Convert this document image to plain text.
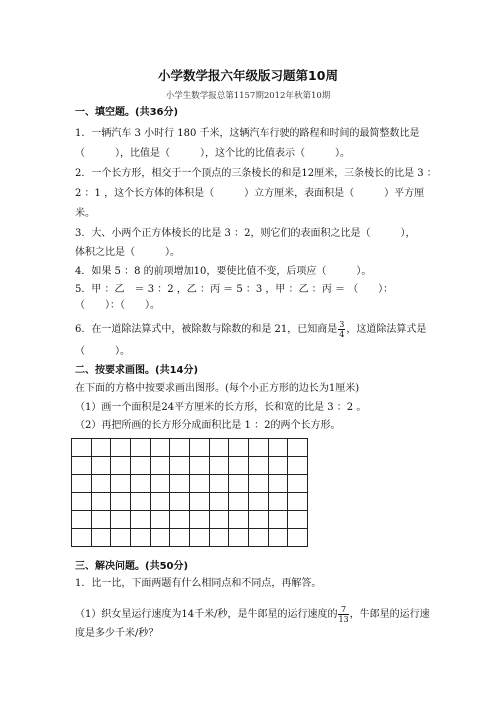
小学数学报六年级版习题第10周
小学生数学报总第1157期2012年秋第10期
一、填空题。(共36分)
1．一辆汽车 3 小时行 180 千米，这辆汽车行驶的路程和时间的最简整数比是
（　　　），比值是（　　　），这个比的比值表示（　　　）。
2．一个长方形，相交于一个顶点的三条棱长的和是12厘米，三条棱长的比是 3 ：
2 ：1 ，这个长方体的体积是（　　　）立方厘米，表面积是（　　　）平方厘
米。
3．大、小两个正方体棱长的比是 3 ：2，则它们的表面积之比是（　　　），
体积之比是（　　　）。
4．如果 5 ：8 的前项增加10，要使比值不变，后项应（　　　）。
5．甲 ：乙　＝ 3 ：2 ，乙 ：丙 ＝ 5 ：3 ，甲 ：乙 ：丙 ＝ （　　）：
（　　）：（　　）。
6．在一道除法算式中，被除数与除数的和是 21，已知商是 $\frac{3}{4}$ ，这道除法算式是
（　　　）。
二、按要求画图。(共14分)
在下面的方格中按要求画出图形。(每个小正方形的边长为1厘米)
（1）画一个面积是24平方厘米的长方形，长和宽的比是 3 ：2 。
（2）再把所画的长方形分成面积比是 1 ：2的两个长方形。
三、解决问题。(共50分)
1．比一比，下面两题有什么相同点和不同点，再解答。
（1）织女星运行速度为14千米/秒，是牛郎星的运行速度的 $\frac{7}{13}$ ，牛郎星的运行速
度是多少千米/秒？
